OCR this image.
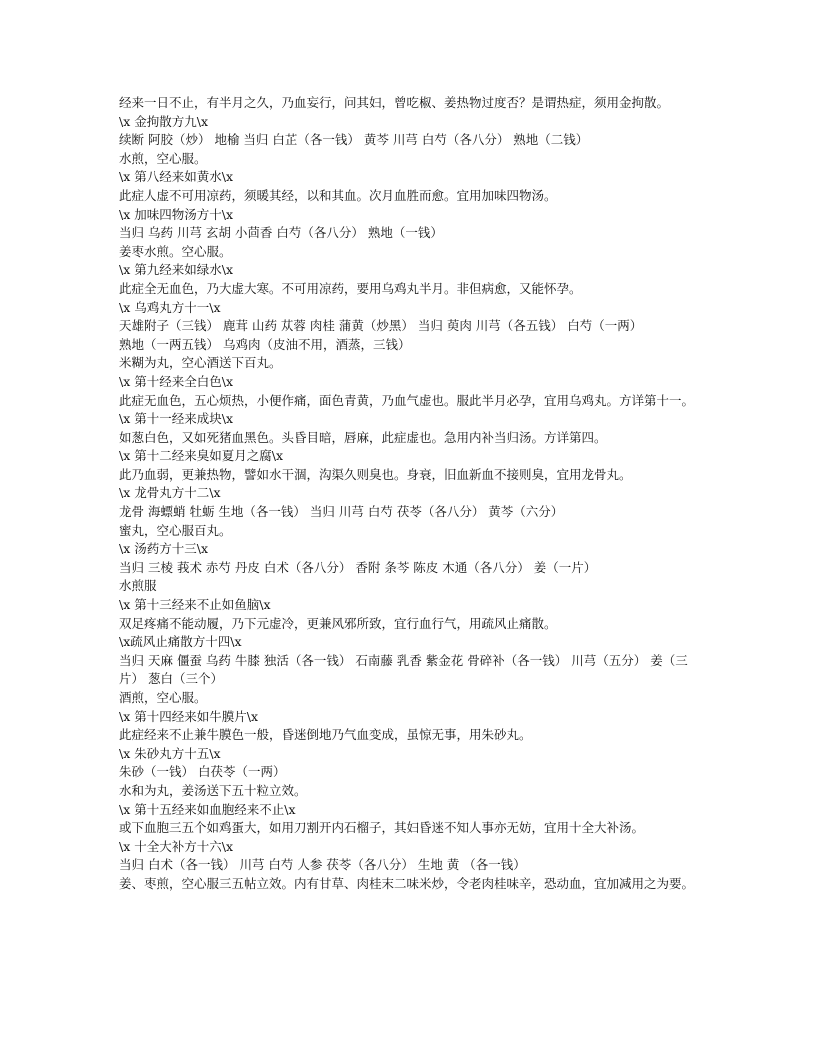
经来一日不止，有半月之久，乃血妄行，问其妇，曾吃椒、姜热物过度否？是谓热症，须用金拘散。

\x 金拘散方九\x

续断 阿胶（炒） 地榆 当归 白芷（各一钱） 黄芩 川芎 白芍（各八分） 熟地（二钱）

水煎，空心服。

\x 第八经来如黄水\x

此症人虚不可用凉药，须暖其经，以和其血。次月血胜而愈。宜用加味四物汤。

\x 加味四物汤方十\x

当归 乌药 川芎 玄胡 小茴香 白芍（各八分） 熟地（一钱）

姜枣水煎。空心服。

\x 第九经来如绿水\x

此症全无血色，乃大虚大寒。不可用凉药，要用乌鸡丸半月。非但病愈，又能怀孕。

\x 乌鸡丸方十一\x

天雄附子（三钱） 鹿茸 山药 苁蓉 肉桂 蒲黄（炒黑） 当归 萸肉 川芎（各五钱） 白芍（一两）

熟地（一两五钱） 乌鸡肉（皮油不用，酒蒸，三钱）

米糊为丸，空心酒送下百丸。

\x 第十经来全白色\x

此症无血色，五心烦热，小便作痛，面色青黄，乃血气虚也。服此半月必孕，宜用乌鸡丸。方详第十一。

\x 第十一经来成块\x

如葱白色，又如死猪血黑色。头昏目暗，唇麻，此症虚也。急用内补当归汤。方详第四。

\x 第十二经来臭如夏月之腐\x

此乃血弱，更兼热物，譬如水干涸，沟渠久则臭也。身衰，旧血新血不接则臭，宜用龙骨丸。

\x 龙骨丸方十二\x

龙骨 海螵蛸 牡蛎 生地（各一钱） 当归 川芎 白芍 茯苓（各八分） 黄芩（六分）

蜜丸，空心服百丸。

\x 汤药方十三\x

当归 三棱 莪术 赤芍 丹皮 白术（各八分） 香附 条芩 陈皮 木通（各八分） 姜（一片）

水煎服

\x 第十三经来不止如鱼脑\x

双足疼痛不能动履，乃下元虚冷，更兼风邪所致，宜行血行气，用疏风止痛散。

\x疏风止痛散方十四\x

当归 天麻 僵蚕 乌药 牛膝 独活（各一钱） 石南藤 乳香 紫金花 骨碎补（各一钱） 川芎（五分） 姜（三片） 葱白（三个）

酒煎，空心服。

\x 第十四经来如牛膜片\x

此症经来不止兼牛膜色一般，昏迷倒地乃气血变成，虽惊无事，用朱砂丸。

\x 朱砂丸方十五\x

朱砂（一钱） 白茯苓（一两）

水和为丸，姜汤送下五十粒立效。

\x 第十五经来如血胞经来不止\x

或下血胞三五个如鸡蛋大，如用刀割开内石榴子，其妇昏迷不知人事亦无妨，宜用十全大补汤。

\x 十全大补方十六\x

当归 白术（各一钱） 川芎 白芍 人参 茯苓（各八分） 生地 黄 （各一钱）

姜、枣煎，空心服三五帖立效。内有甘草、肉桂末二味米炒，令老肉桂味辛，恐动血，宜加减用之为要。
